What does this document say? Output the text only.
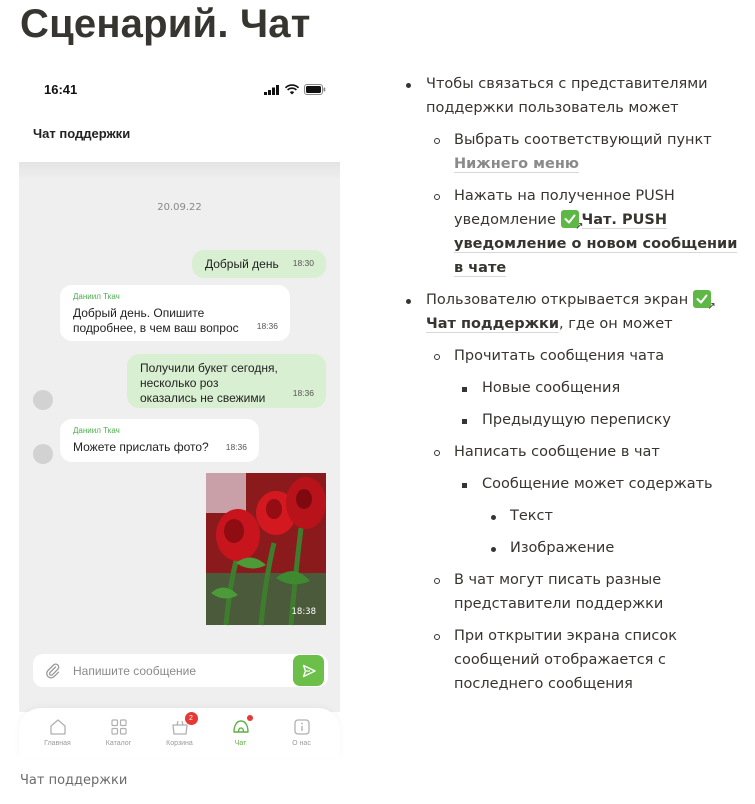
Сценарий. Чат
16:41
Чат поддержки
20.09.22
Добрый день 18:30
Даниил Ткач
Добрый день. Опишите
подробнее, в чем ваш вопрос	18:36
Получили букет сегодня,
несколько роз
оказались не свежими	18:36
Даниил Ткач
Можете прислать фото?	18:36
18:38
Напишите сообщение
Главная	Каталог
2
Корзина	Чат	О нас
Чат поддержки
Чтобы связаться с представителями поддержки пользователь может
Выбрать соответствующий пункт Нижнего меню
Нажать на полученное PUSH уведомление ↗
Чат. PUSH уведомление о новом сообщении в чате
Пользователю открывается экран ↗
Чат поддержки, где он может
Прочитать сообщения чата
Новые сообщения
Предыдущую переписку
Написать сообщение в чат
Сообщение может содержать
Текст
Изображение
В чат могут писать разные представители поддержки
При открытии экрана список сообщений отображается с последнего сообщения
